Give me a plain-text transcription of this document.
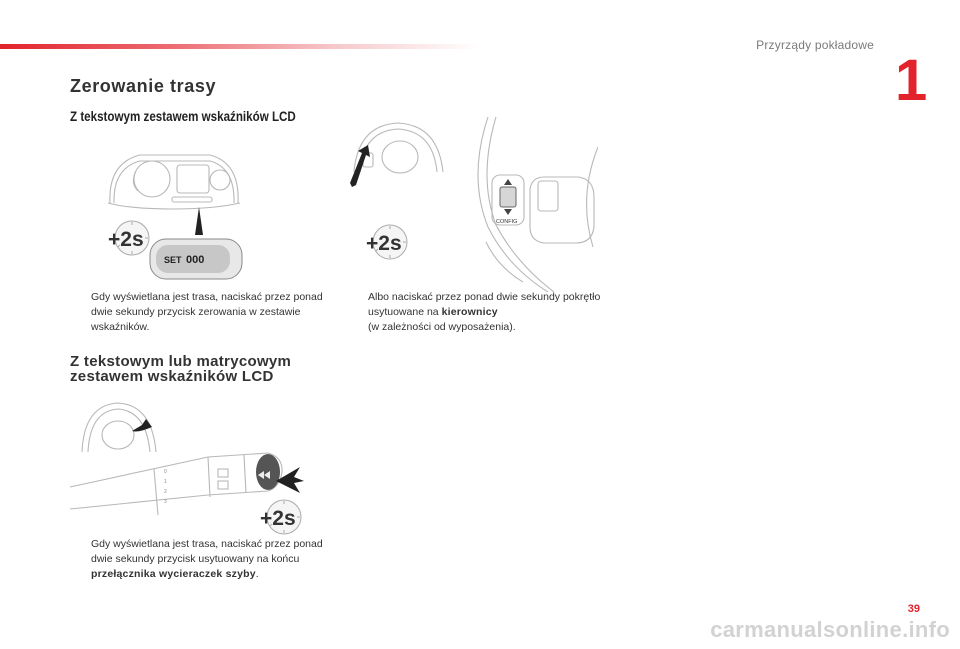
Przyrządy pokładowe
1
Zerowanie trasy
Z tekstowym zestawem wskaźników LCD
SET 000
+2s
CONFIG
+2s
Gdy wyświetlana jest trasa, naciskać przez ponad dwie sekundy przycisk zerowania w zestawie wskaźników.
Albo naciskać przez ponad dwie sekundy pokrętło usytuowane na kierownicy
(w zależności od wyposażenia).
Z tekstowym lub matrycowym
zestawem wskaźników LCD
0
1
2
3
+2s
Gdy wyświetlana jest trasa, naciskać przez ponad dwie sekundy przycisk usytuowany na końcu przełącznika wycieraczek szyby.
39
carmanualsonline.info
